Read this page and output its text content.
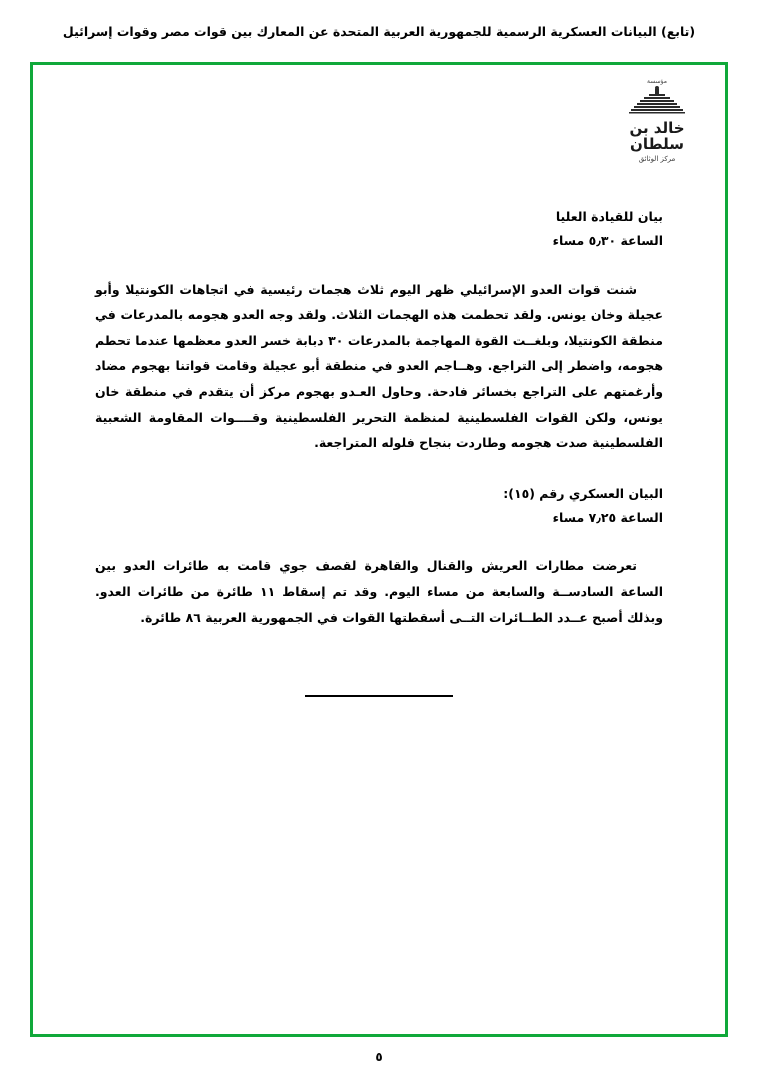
(تابع) البيانات العسكرية الرسمية للجمهورية العربية المتحدة عن المعارك بين قوات مصر وقوات إسرائيل
مؤسسة
خالد بن سلطان
مركز الوثائق

بيان للقيادة العليا

الساعة ٥٫٣٠ مساء

شنت قوات العدو الإسرائيلي ظهر اليوم ثلاث هجمات رئيسية في اتجاهات الكونتيلا وأبو عجيلة وخان يونس. ولقد تحطمت هذه الهجمات الثلاث. ولقد وجه العدو هجومه بالمدرعات في منطقة الكونتيلا، وبلغــت القوة المهاجمة بالمدرعات ٣٠ دبابة خسر العدو معظمها عندما تحطم هجومه، واضطر إلى التراجع. وهــاجم العدو في منطقة أبو عجيلة وقامت قواتنا بهجوم مضاد وأرغمتهم على التراجع بخسائر فادحة. وحاول العـدو بهجوم مركز أن يتقدم في منطقة خان يونس، ولكن القوات الفلسطينية لمنظمة التحرير الفلسطينية وقــــوات المقاومة الشعبية الفلسطينية صدت هجومه وطاردت بنجاح فلوله المتراجعة.

البيان العسكري رقم (١٥):

الساعة ٧٫٢٥ مساء

تعرضت مطارات العريش والقنال والقاهرة لقصف جوي قامت به طائرات العدو بين الساعة السادســة والسابعة من مساء اليوم. وقد تم إسقاط ١١ طائرة من طائرات العدو. وبذلك أصبح عــدد الطــائرات التــى أسقطتها القوات في الجمهورية العربية ٨٦ طائرة.

٥
